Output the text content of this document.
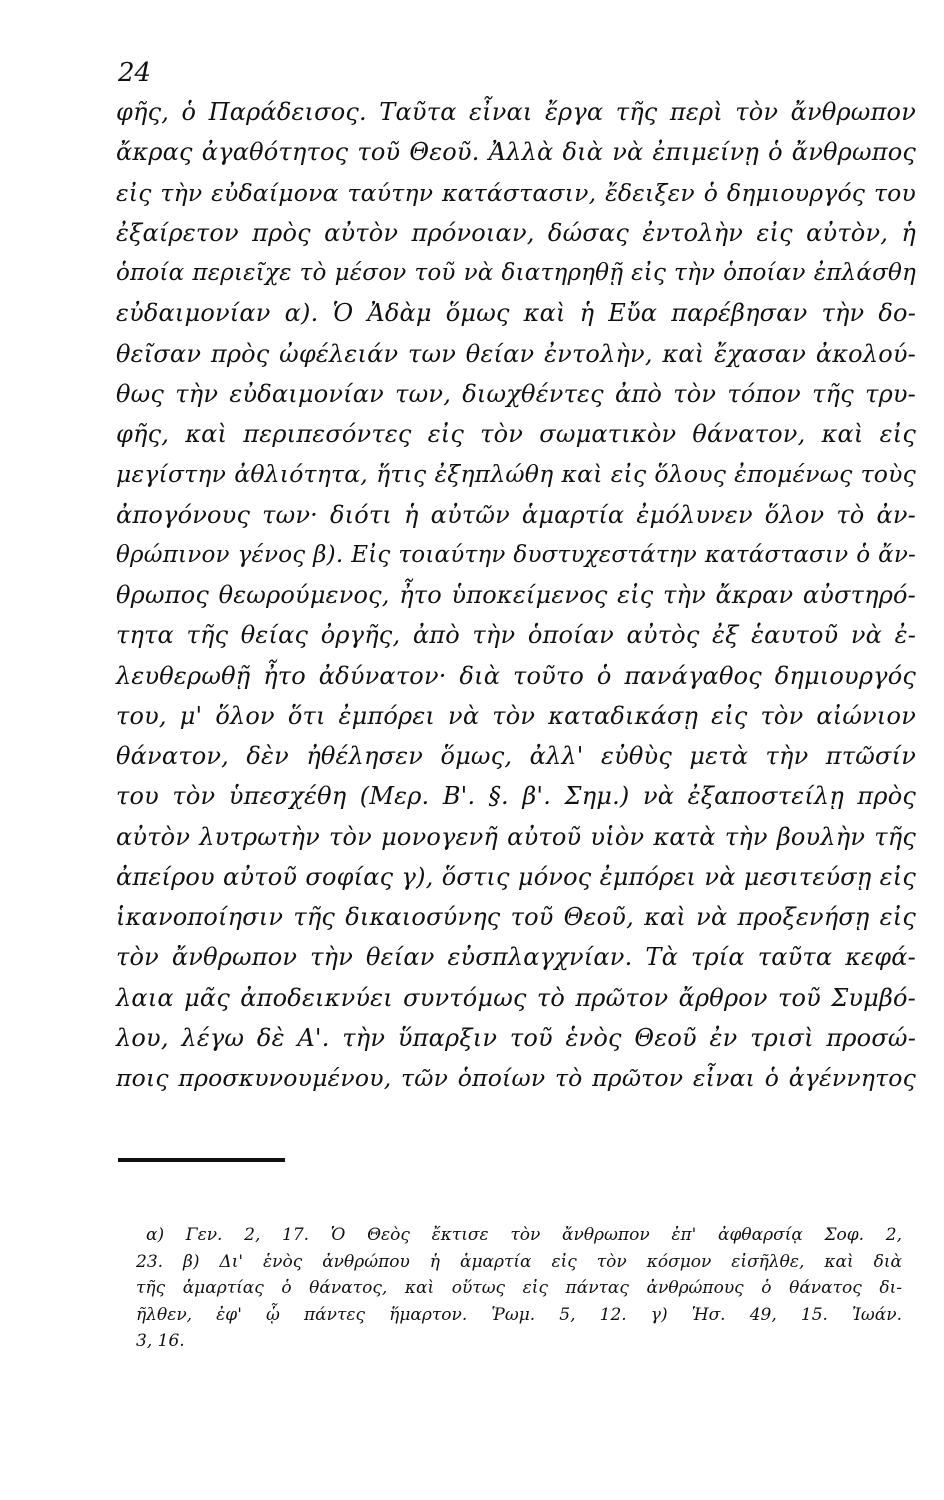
24
φῆς, ὁ Παράδεισος. Ταῦτα εἶναι ἔργα τῆς περὶ τὸν ἄνθρωπον
ἄκρας ἀγαθότητος τοῦ Θεοῦ. Ἀλλὰ διὰ νὰ ἐπιμείνῃ ὁ ἄνθρωπος
εἰς τὴν εὐδαίμονα ταύτην κατάστασιν, ἔδειξεν ὁ δημιουργός του
ἐξαίρετον πρὸς αὐτὸν πρόνοιαν, δώσας ἐντολὴν εἰς αὐτὸν, ἡ
ὁποία περιεῖχε τὸ μέσον τοῦ νὰ διατηρηθῇ εἰς τὴν ὁποίαν ἐπλάσθη
εὐδαιμονίαν α). Ὁ Ἀδὰμ ὅμως καὶ ἡ Εὔα παρέβησαν τὴν δο-
θεῖσαν πρὸς ὠφέλειάν των θείαν ἐντολὴν, καὶ ἔχασαν ἀκολού-
θως τὴν εὐδαιμονίαν των, διωχθέντες ἀπὸ τὸν τόπον τῆς τρυ-
φῆς, καὶ περιπεσόντες εἰς τὸν σωματικὸν θάνατον, καὶ εἰς
μεγίστην ἀθλιότητα, ἥτις ἐξηπλώθη καὶ εἰς ὅλους ἐπομένως τοὺς
ἀπογόνους των· διότι ἡ αὐτῶν ἁμαρτία ἐμόλυνεν ὅλον τὸ ἀν-
θρώπινον γένος β). Εἰς τοιαύτην δυστυχεστάτην κατάστασιν ὁ ἄν-
θρωπος θεωρούμενος, ἦτο ὑποκείμενος εἰς τὴν ἄκραν αὐστηρό-
τητα τῆς θείας ὀργῆς, ἀπὸ τὴν ὁποίαν αὐτὸς ἐξ ἑαυτοῦ νὰ ἐ-
λευθερωθῇ ἦτο ἀδύνατον· διὰ τοῦτο ὁ πανάγαθος δημιουργός
του, μ' ὅλον ὅτι ἐμπόρει νὰ τὸν καταδικάσῃ εἰς τὸν αἰώνιον
θάνατον, δὲν ἠθέλησεν ὅμως, ἀλλ' εὐθὺς μετὰ τὴν πτῶσίν
του τὸν ὑπεσχέθη (Μερ. Β'. §. β'. Σημ.) νὰ ἐξαποστείλῃ πρὸς
αὐτὸν λυτρωτὴν τὸν μονογενῆ αὐτοῦ υἱὸν κατὰ τὴν βουλὴν τῆς
ἀπείρου αὐτοῦ σοφίας γ), ὅστις μόνος ἐμπόρει νὰ μεσιτεύσῃ εἰς
ἱκανοποίησιν τῆς δικαιοσύνης τοῦ Θεοῦ, καὶ νὰ προξενήσῃ εἰς
τὸν ἄνθρωπον τὴν θείαν εὐσπλαγχνίαν. Τὰ τρία ταῦτα κεφά-
λαια μᾶς ἀποδεικνύει συντόμως τὸ πρῶτον ἄρθρον τοῦ Συμβό-
λου, λέγω δὲ Α'. τὴν ὕπαρξιν τοῦ ἑνὸς Θεοῦ ἐν τρισὶ προσώ-
ποις προσκυνουμένου, τῶν ὁποίων τὸ πρῶτον εἶναι ὁ ἀγέννητος
α) Γεν. 2, 17. Ὁ Θεὸς ἔκτισε τὸν ἄνθρωπον ἐπ' ἀφθαρσίᾳ Σοφ. 2,
23. β) Δι' ἑνὸς ἀνθρώπου ἡ ἁμαρτία εἰς τὸν κόσμον εἰσῆλθε, καὶ διὰ
τῆς ἁμαρτίας ὁ θάνατος, καὶ οὕτως εἰς πάντας ἀνθρώπους ὁ θάνατος δι-
ῆλθεν, ἐφ' ᾧ πάντες ἥμαρτον. Ῥωμ. 5, 12. γ) Ἡσ. 49, 15. Ἰωάν.
3, 16.
